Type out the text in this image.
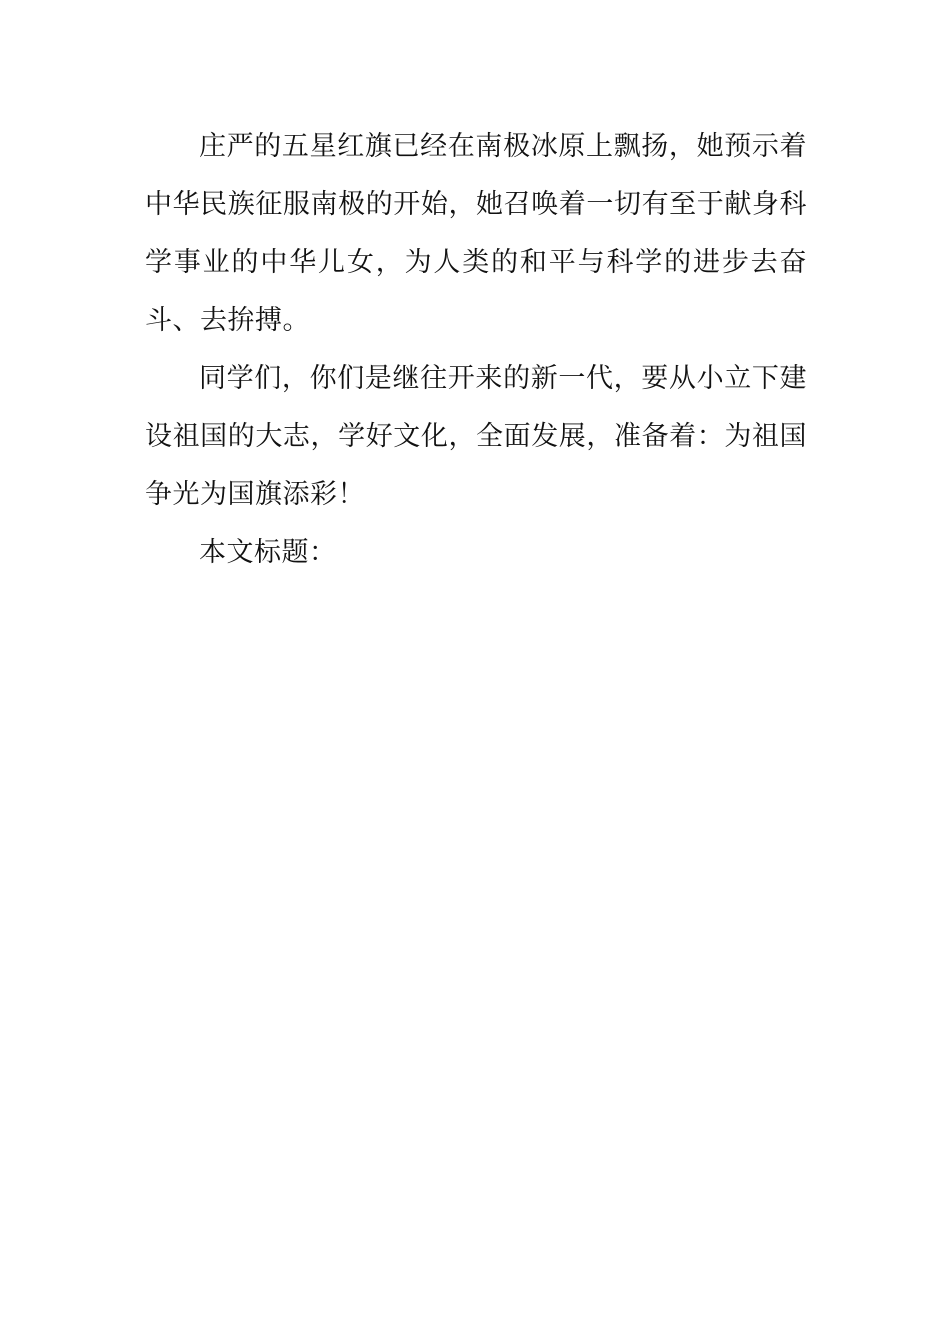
庄严的五星红旗已经在南极冰原上飘扬，她预示着中华民族征服南极的开始，她召唤着一切有至于献身科学事业的中华儿女，为人类的和平与科学的进步去奋斗、去拚搏。

同学们，你们是继往开来的新一代，要从小立下建设祖国的大志，学好文化，全面发展，准备着：为祖国争光为国旗添彩！

本文标题：
